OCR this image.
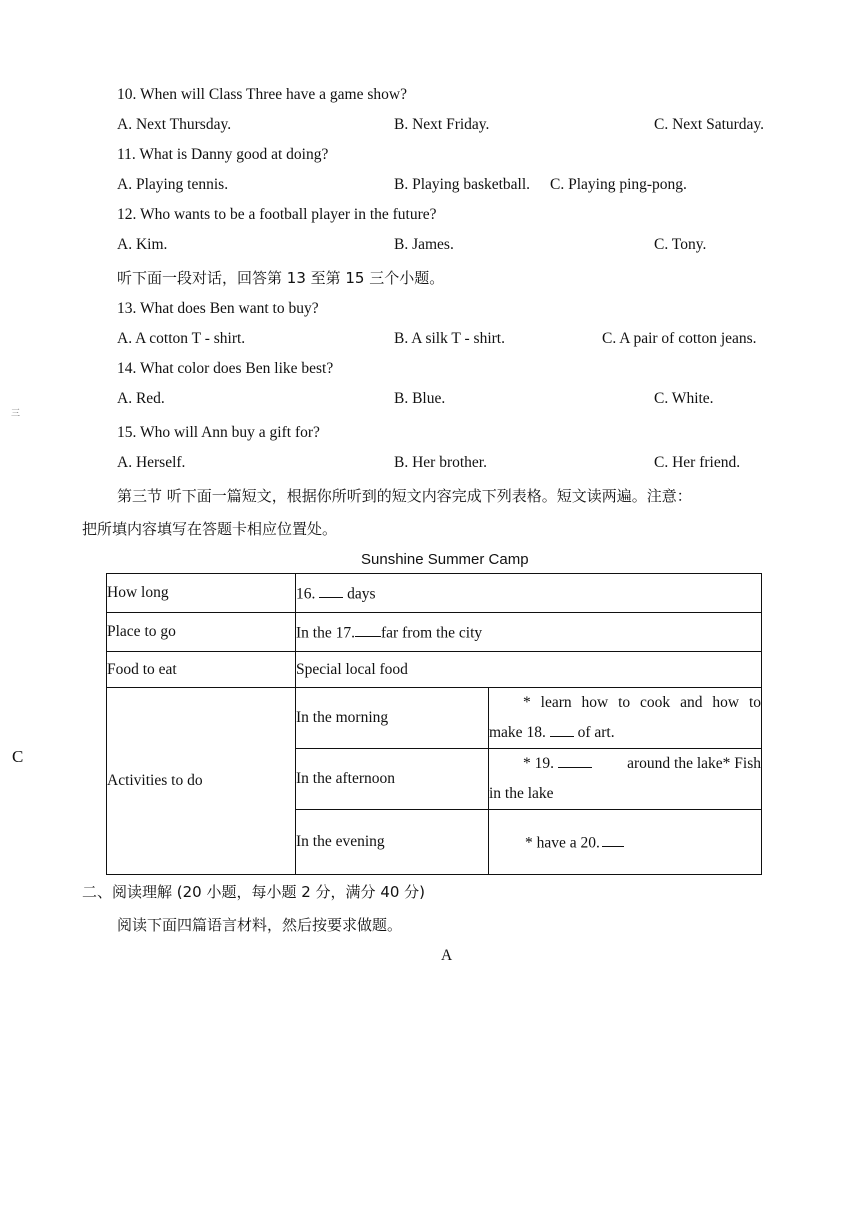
10. When will Class Three have a game show?
A. Next Thursday.	B. Next Friday.	C. Next Saturday.
11. What is Danny good at doing?
A. Playing tennis.	B. Playing basketball. C. Playing ping-pong.
12. Who wants to be a football player in the future?
A. Kim.	B. James.	C. Tony.
听下面一段对话，回答第 13 至第 15 三个小题。
13. What does Ben want to buy?
A. A cotton T - shirt.	B. A silk T - shirt.	C. A pair of cotton jeans.
14. What color does Ben like best?
A. Red.	B. Blue.	C. White.
三
15. Who will Ann buy a gift for?
A. Herself.	B. Her brother.	C. Her friend.
第三节 听下面一篇短文，根据你所听到的短文内容完成下列表格。短文读两遍。注意：
把所填内容填写在答题卡相应位置处。
Sunshine Summer Camp
C
How long	16. days	
Place to go	In the 17. far from the city	
Food to eat	Special local food	
Activities to do	In the morning	* learn how to cook and how to
make 18. of art.

	In the afternoon	* 19. around the lake* Fish
in the lake

	In the evening	* have a 20.
二、阅读理解 (20 小题，每小题 2 分，满分 40 分)
阅读下面四篇语言材料，然后按要求做题。
A
